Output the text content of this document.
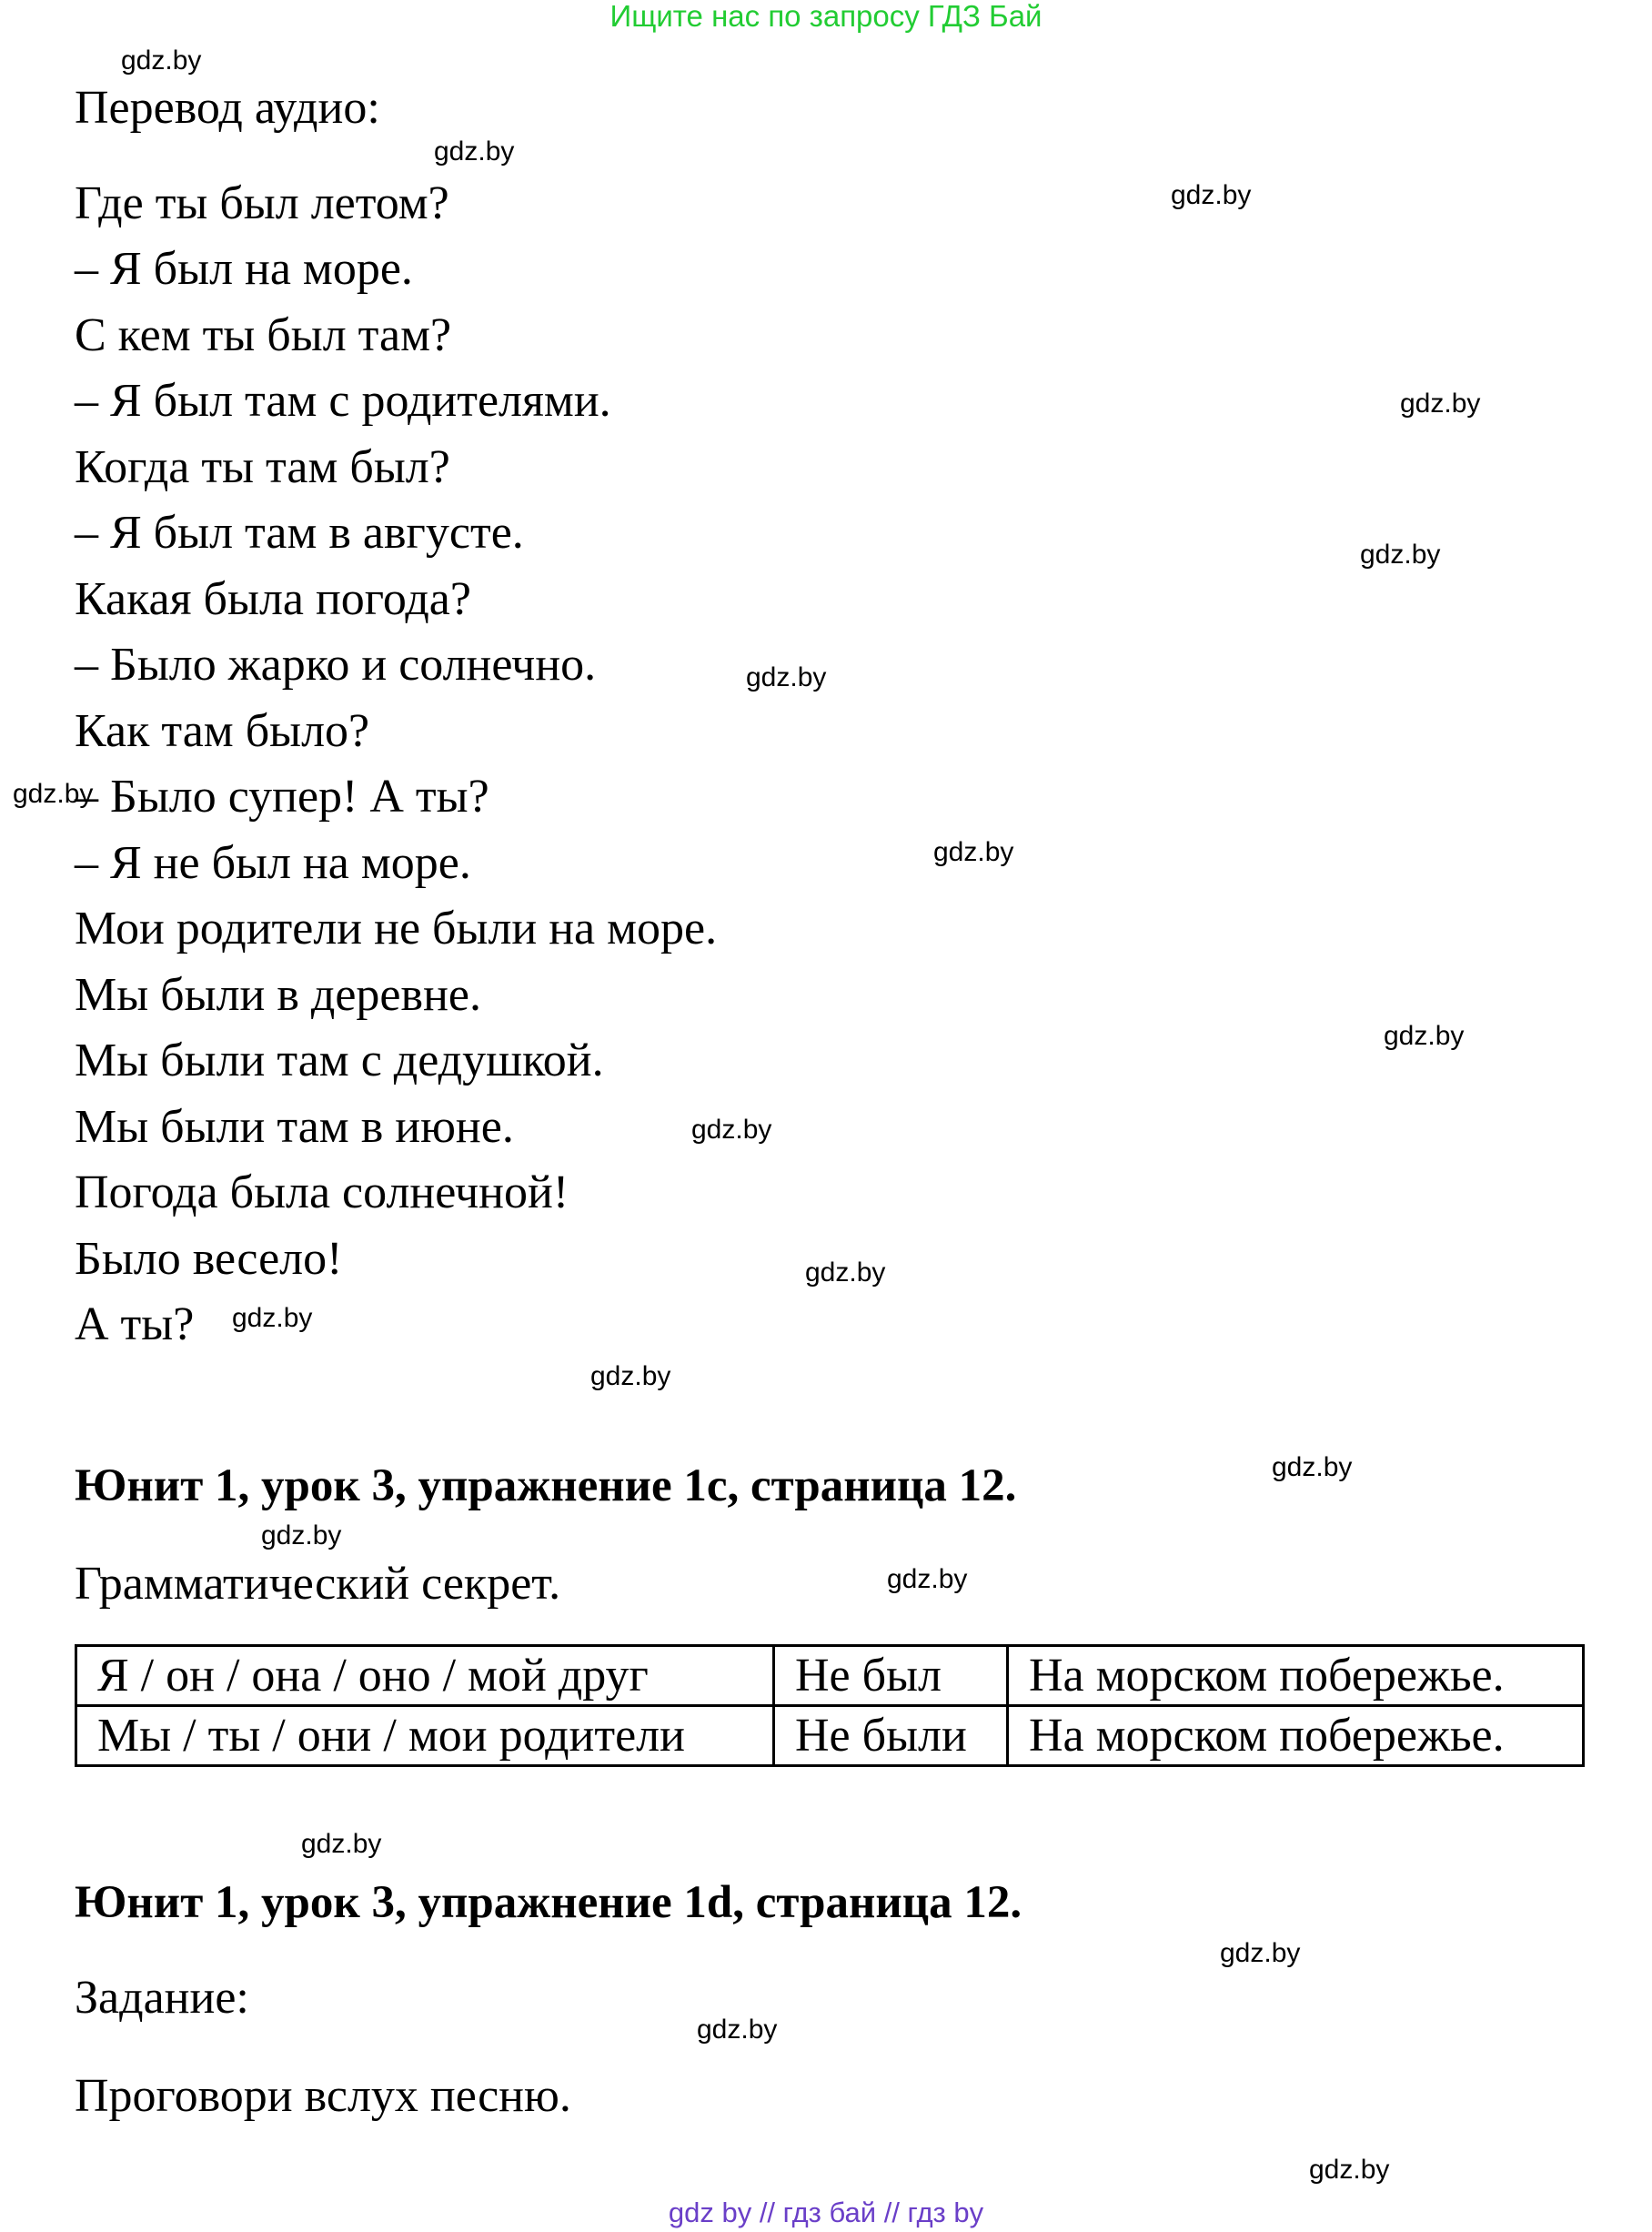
Ищите нас по запросу ГДЗ Бай
Перевод аудио:
Где ты был летом?
– Я был на море.
С кем ты был там?
– Я был там с родителями.
Когда ты там был?
– Я был там в августе.
Какая была погода?
– Было жарко и солнечно.
Как там было?
– Было супер! А ты?
– Я не был на море.
Мои родители не были на море.
Мы были в деревне.
Мы были там с дедушкой.
Мы были там в июне.
Погода была солнечной!
Было весело!
А ты?
Юнит 1, урок 3, упражнение 1c, страница 12.
Грамматический секрет.
Я / он / она / оно / мой друг	Не был	На морском побережье.
Мы / ты / они / мои родители	Не были	На морском побережье.
Юнит 1, урок 3, упражнение 1d, страница 12.
Задание:
Проговори вслух песню.
gdz.by
gdz.by
gdz.by
gdz.by
gdz.by
gdz.by
gdz.by
gdz.by
gdz.by
gdz.by
gdz.by
gdz.by
gdz.by
gdz.by
gdz.by
gdz.by
gdz.by
gdz.by
gdz.by
gdz.by
gdz by // гдз бай // гдз by
